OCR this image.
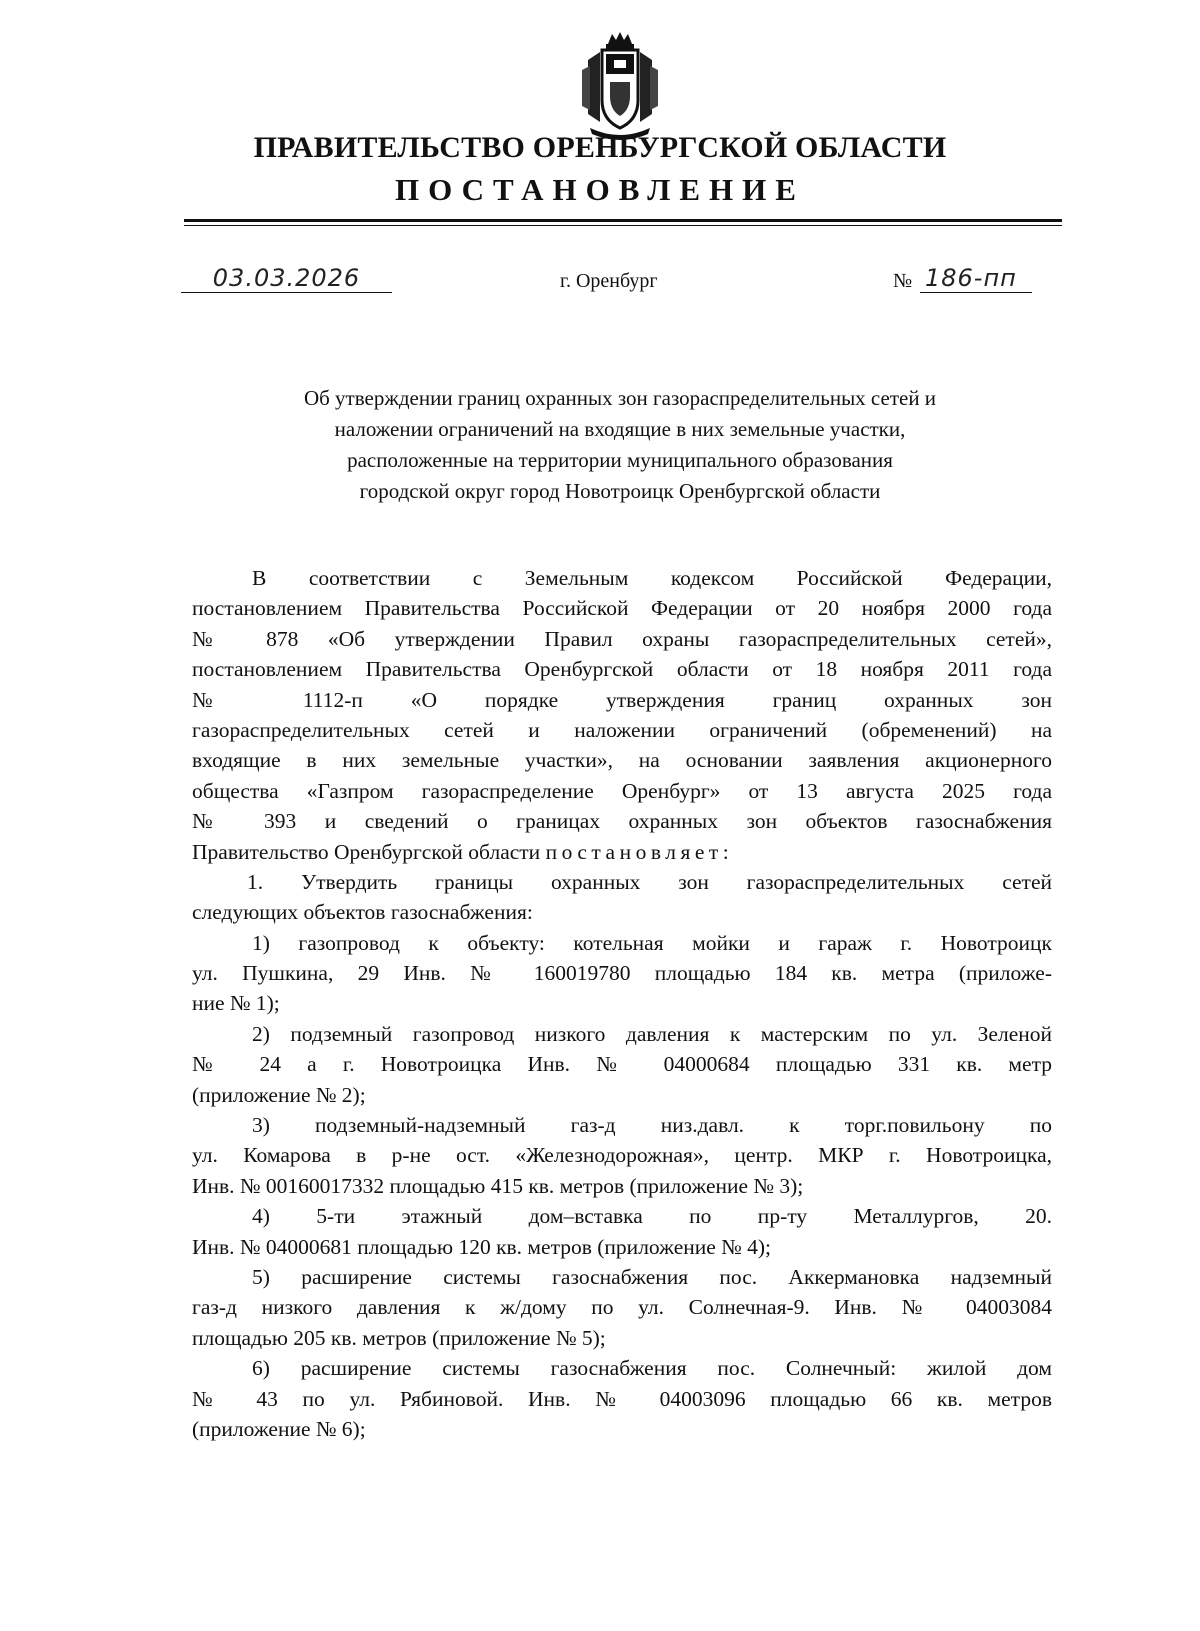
ПРАВИТЕЛЬСТВО ОРЕНБУРГСКОЙ ОБЛАСТИ
ПОСТАНОВЛЕНИЕ
03.03.2026	г. Оренбург	№ 186-пп
Об утверждении границ охранных зон газораспределительных сетей и
наложении ограничений на входящие в них земельные участки,
расположенные на территории муниципального образования
городской округ город Новотроицк Оренбургской области
В соответствии с Земельным кодексом Российской Федерации,
постановлением Правительства Российской Федерации от 20 ноября 2000 года
№ 878 «Об утверждении Правил охраны газораспределительных сетей»,
постановлением Правительства Оренбургской области от 18 ноября 2011 года
№ 1112-п «О порядке утверждения границ охранных зон
газораспределительных сетей и наложении ограничений (обременений) на
входящие в них земельные участки», на основании заявления акционерного
общества «Газпром газораспределение Оренбург» от 13 августа 2025 года
№ 393 и сведений о границах охранных зон объектов газоснабжения
Правительство Оренбургской области постановляет:
1. Утвердить границы охранных зон газораспределительных сетей
следующих объектов газоснабжения:
1) газопровод к объекту: котельная мойки и гараж г. Новотроицк
ул. Пушкина, 29 Инв. № 160019780 площадью 184 кв. метра (приложе-
ние № 1);
2) подземный газопровод низкого давления к мастерским по ул. Зеленой
№ 24 а г. Новотроицка Инв. № 04000684 площадью 331 кв. метр
(приложение № 2);
3) подземный-надземный газ-д низ.давл. к торг.повильону по
ул. Комарова в р-не ост. «Железнодорожная», центр. МКР г. Новотроицка,
Инв. № 00160017332 площадью 415 кв. метров (приложение № 3);
4) 5-ти этажный дом–вставка по пр-ту Металлургов, 20.
Инв. № 04000681 площадью 120 кв. метров (приложение № 4);
5) расширение системы газоснабжения пос. Аккермановка надземный
газ-д низкого давления к ж/дому по ул. Солнечная-9. Инв. № 04003084
площадью 205 кв. метров (приложение № 5);
6) расширение системы газоснабжения пос. Солнечный: жилой дом
№ 43 по ул. Рябиновой. Инв. № 04003096 площадью 66 кв. метров
(приложение № 6);
